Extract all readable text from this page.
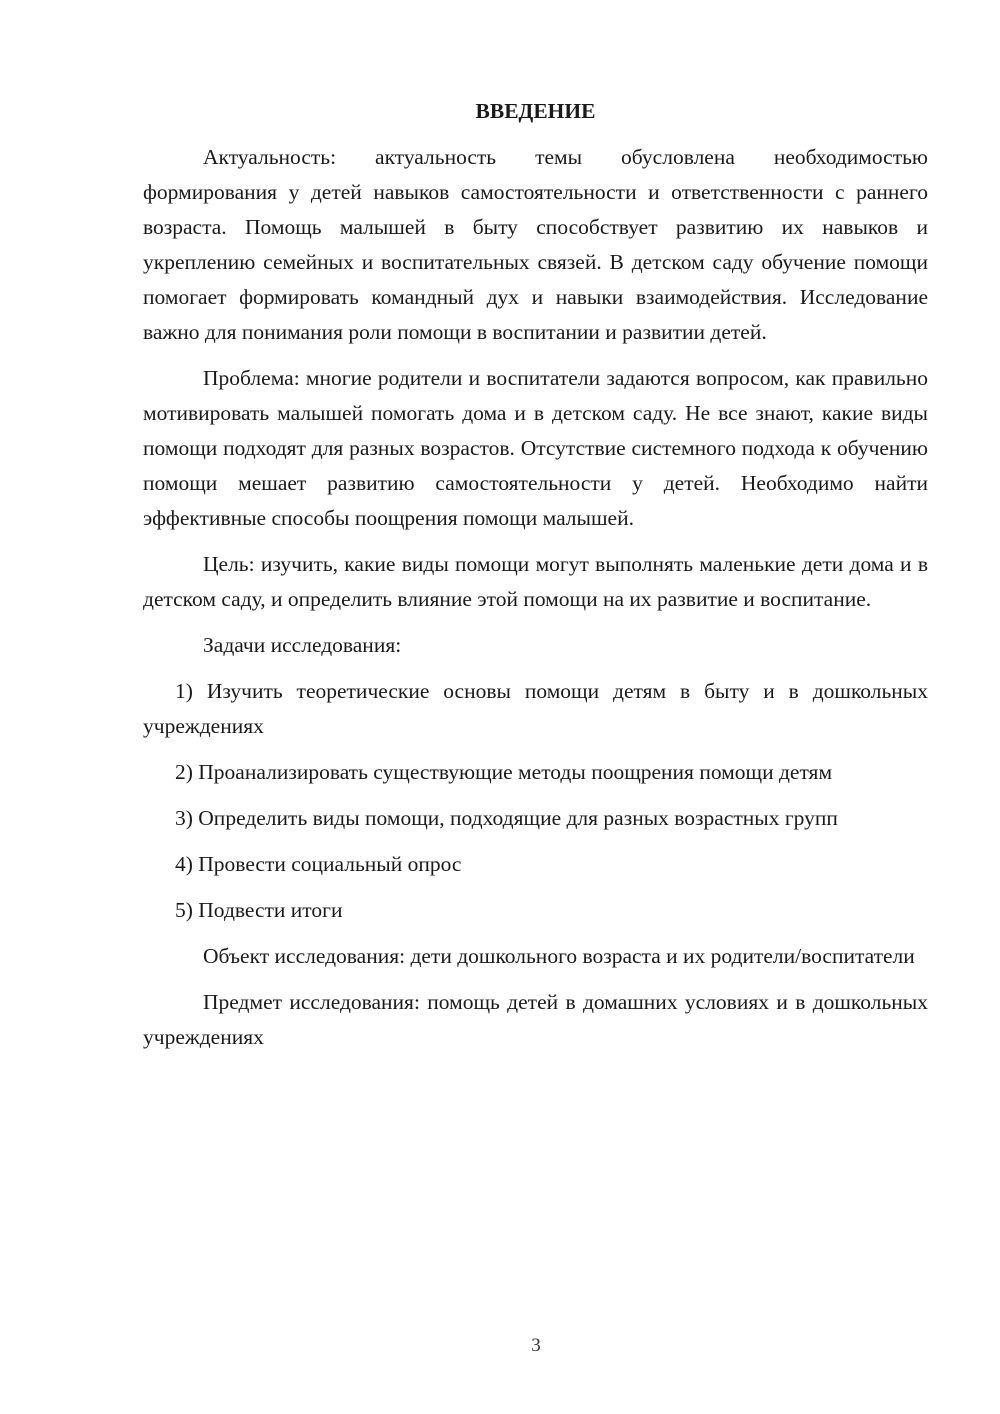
ВВЕДЕНИЕ

Актуальность: актуальность темы обусловлена необходимостью формирования у детей навыков самостоятельности и ответственности с раннего возраста. Помощь малышей в быту способствует развитию их навыков и укреплению семейных и воспитательных связей. В детском саду обучение помощи помогает формировать командный дух и навыки взаимодействия. Исследование важно для понимания роли помощи в воспитании и развитии детей.

Проблема: многие родители и воспитатели задаются вопросом, как правильно мотивировать малышей помогать дома и в детском саду. Не все знают, какие виды помощи подходят для разных возрастов. Отсутствие системного подхода к обучению помощи мешает развитию самостоятельности у детей. Необходимо найти эффективные способы поощрения помощи малышей.

Цель: изучить, какие виды помощи могут выполнять маленькие дети дома и в детском саду, и определить влияние этой помощи на их развитие и воспитание.

Задачи исследования:

1) Изучить теоретические основы помощи детям в быту и в дошкольных учреждениях

2) Проанализировать существующие методы поощрения помощи детям

3) Определить виды помощи, подходящие для разных возрастных групп

4) Провести социальный опрос

5) Подвести итоги

Объект исследования: дети дошкольного возраста и их родители/воспитатели

Предмет исследования: помощь детей в домашних условиях и в дошкольных учреждениях

3
